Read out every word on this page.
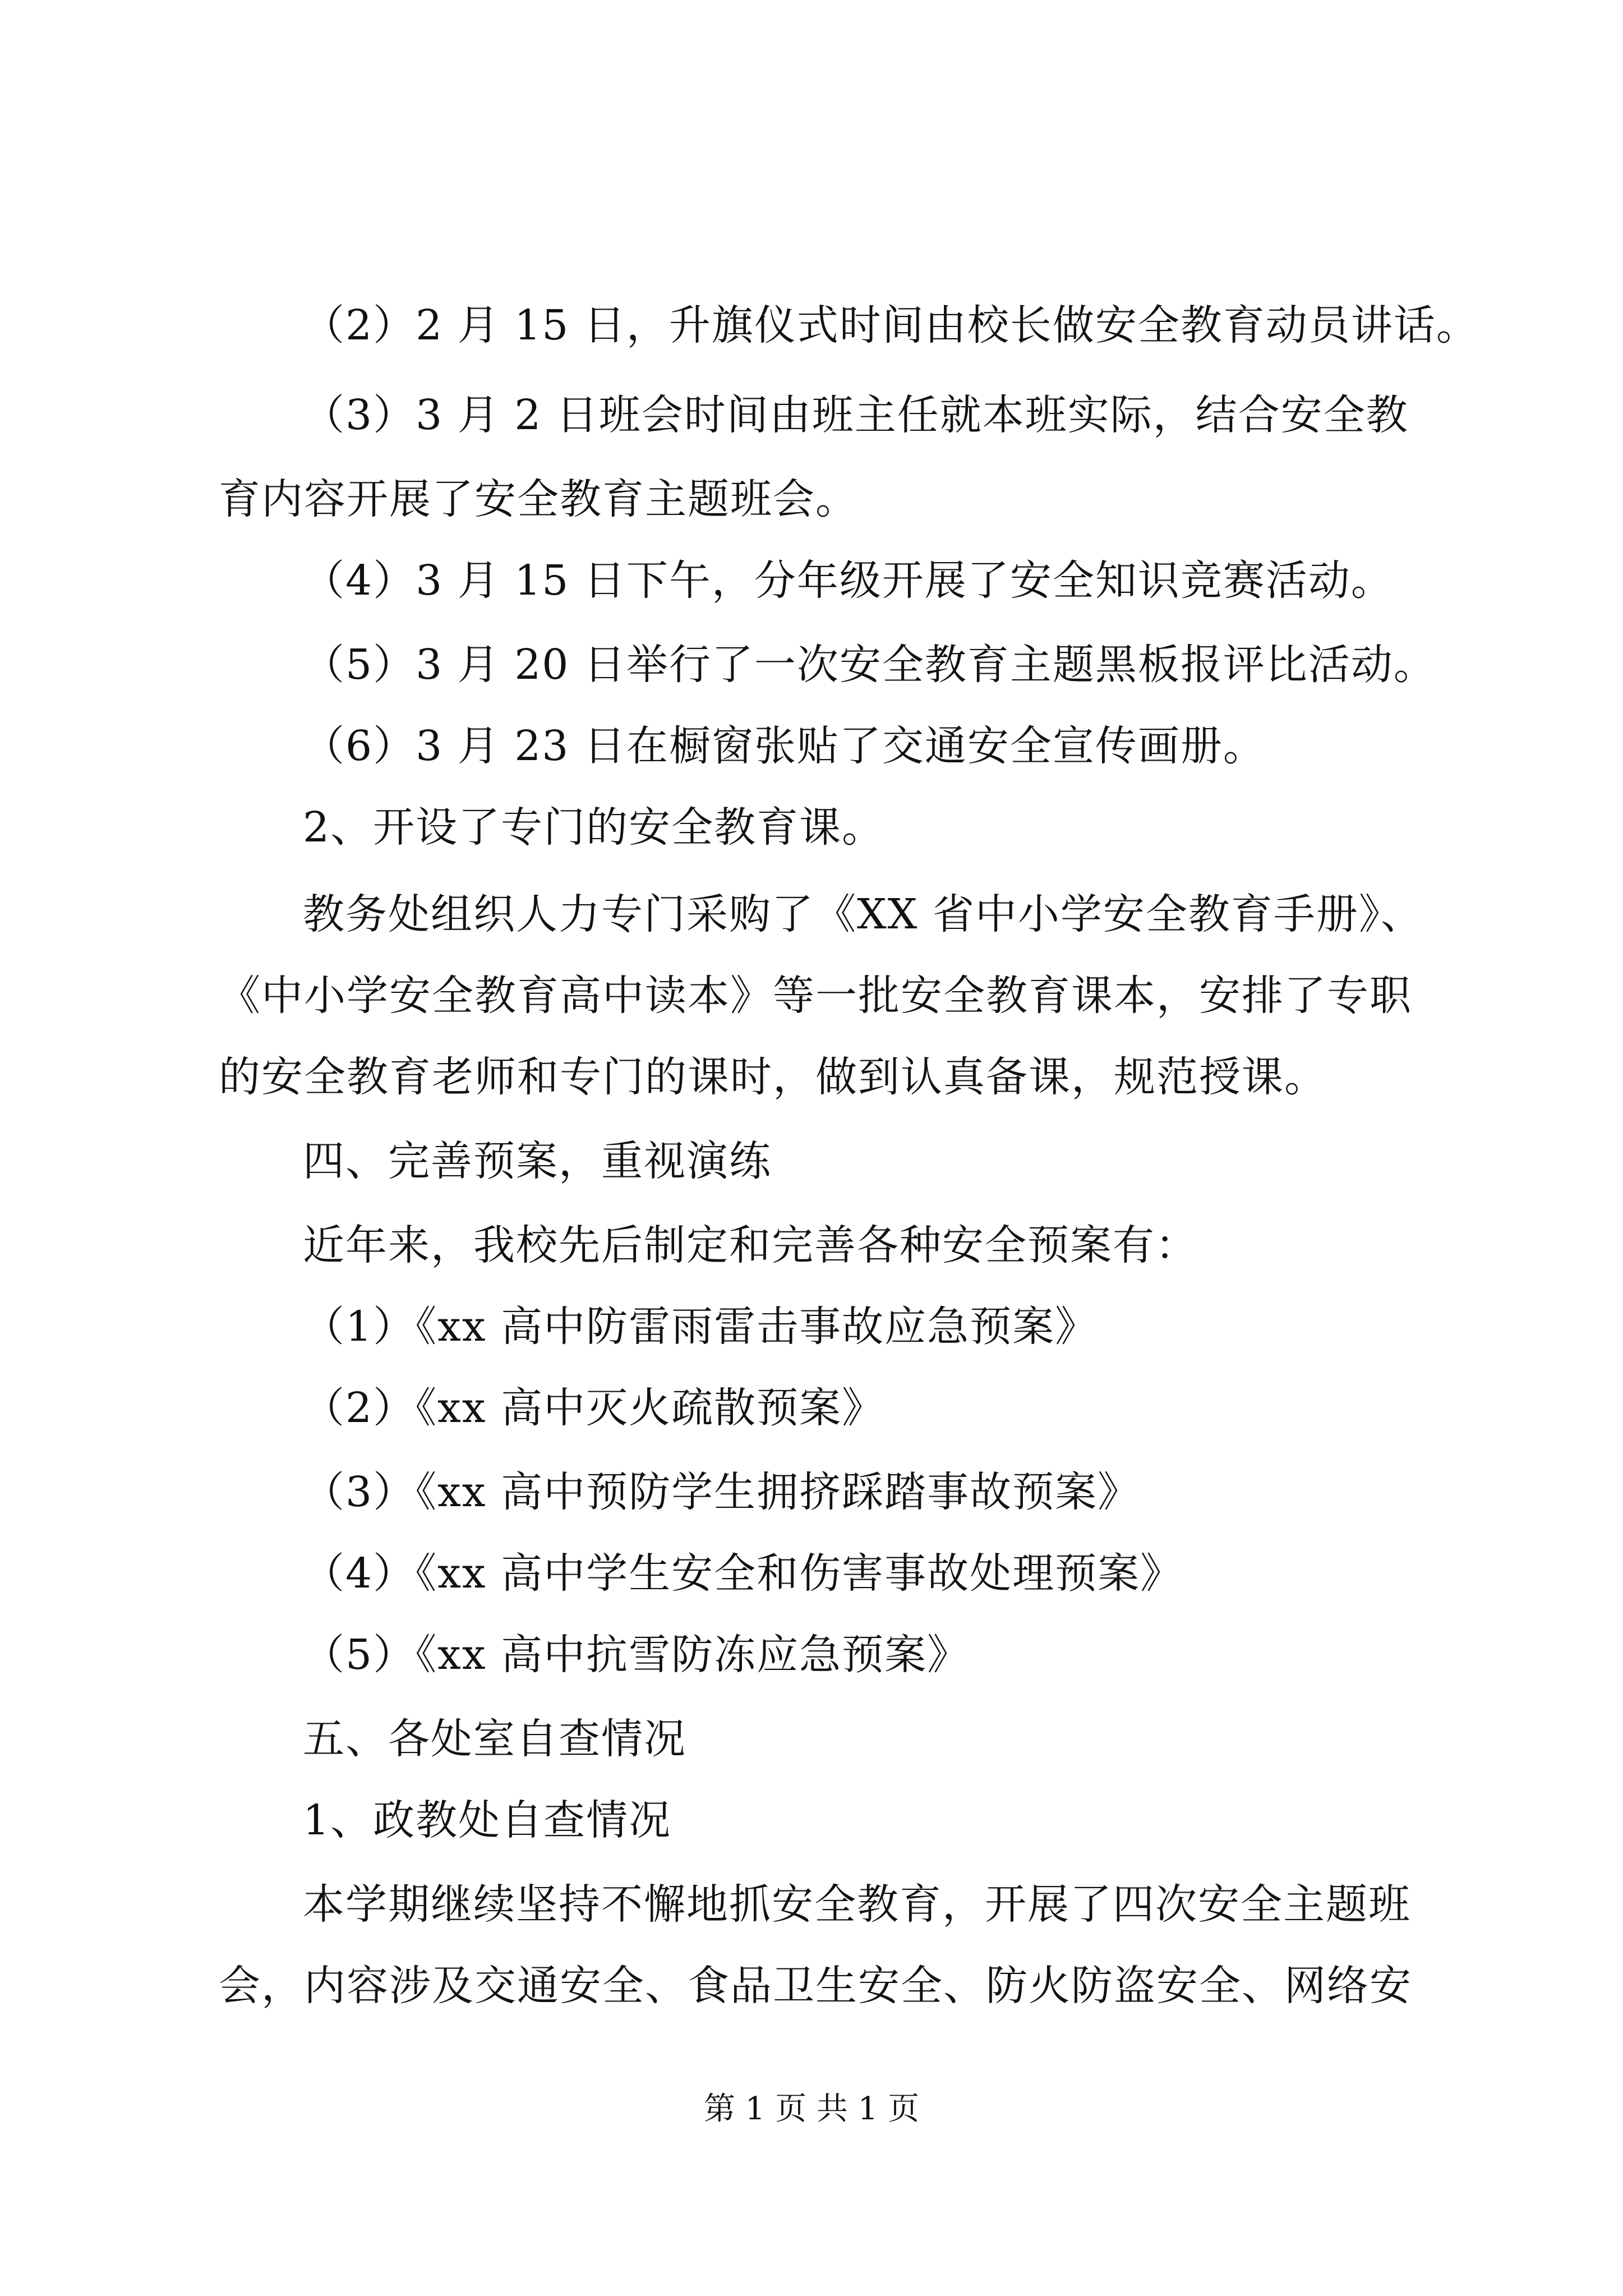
（2）2 月 15 日，升旗仪式时间由校长做安全教育动员讲话。
（3）3 月 2 日班会时间由班主任就本班实际，结合安全教
育内容开展了安全教育主题班会。
（4）3 月 15 日下午，分年级开展了安全知识竞赛活动。
（5）3 月 20 日举行了一次安全教育主题黑板报评比活动。
（6）3 月 23 日在橱窗张贴了交通安全宣传画册。
2、开设了专门的安全教育课。
教务处组织人力专门采购了《XX 省中小学安全教育手册》、
《中小学安全教育高中读本》等一批安全教育课本，安排了专职
的安全教育老师和专门的课时，做到认真备课，规范授课。
四、完善预案，重视演练
近年来，我校先后制定和完善各种安全预案有：
（1）《xx 高中防雷雨雷击事故应急预案》
（2）《xx 高中灭火疏散预案》
（3）《xx 高中预防学生拥挤踩踏事故预案》
（4）《xx 高中学生安全和伤害事故处理预案》
（5）《xx 高中抗雪防冻应急预案》
五、各处室自查情况
1、政教处自查情况
本学期继续坚持不懈地抓安全教育，开展了四次安全主题班
会，内容涉及交通安全、食品卫生安全、防火防盗安全、网络安
第 1 页 共 1 页
